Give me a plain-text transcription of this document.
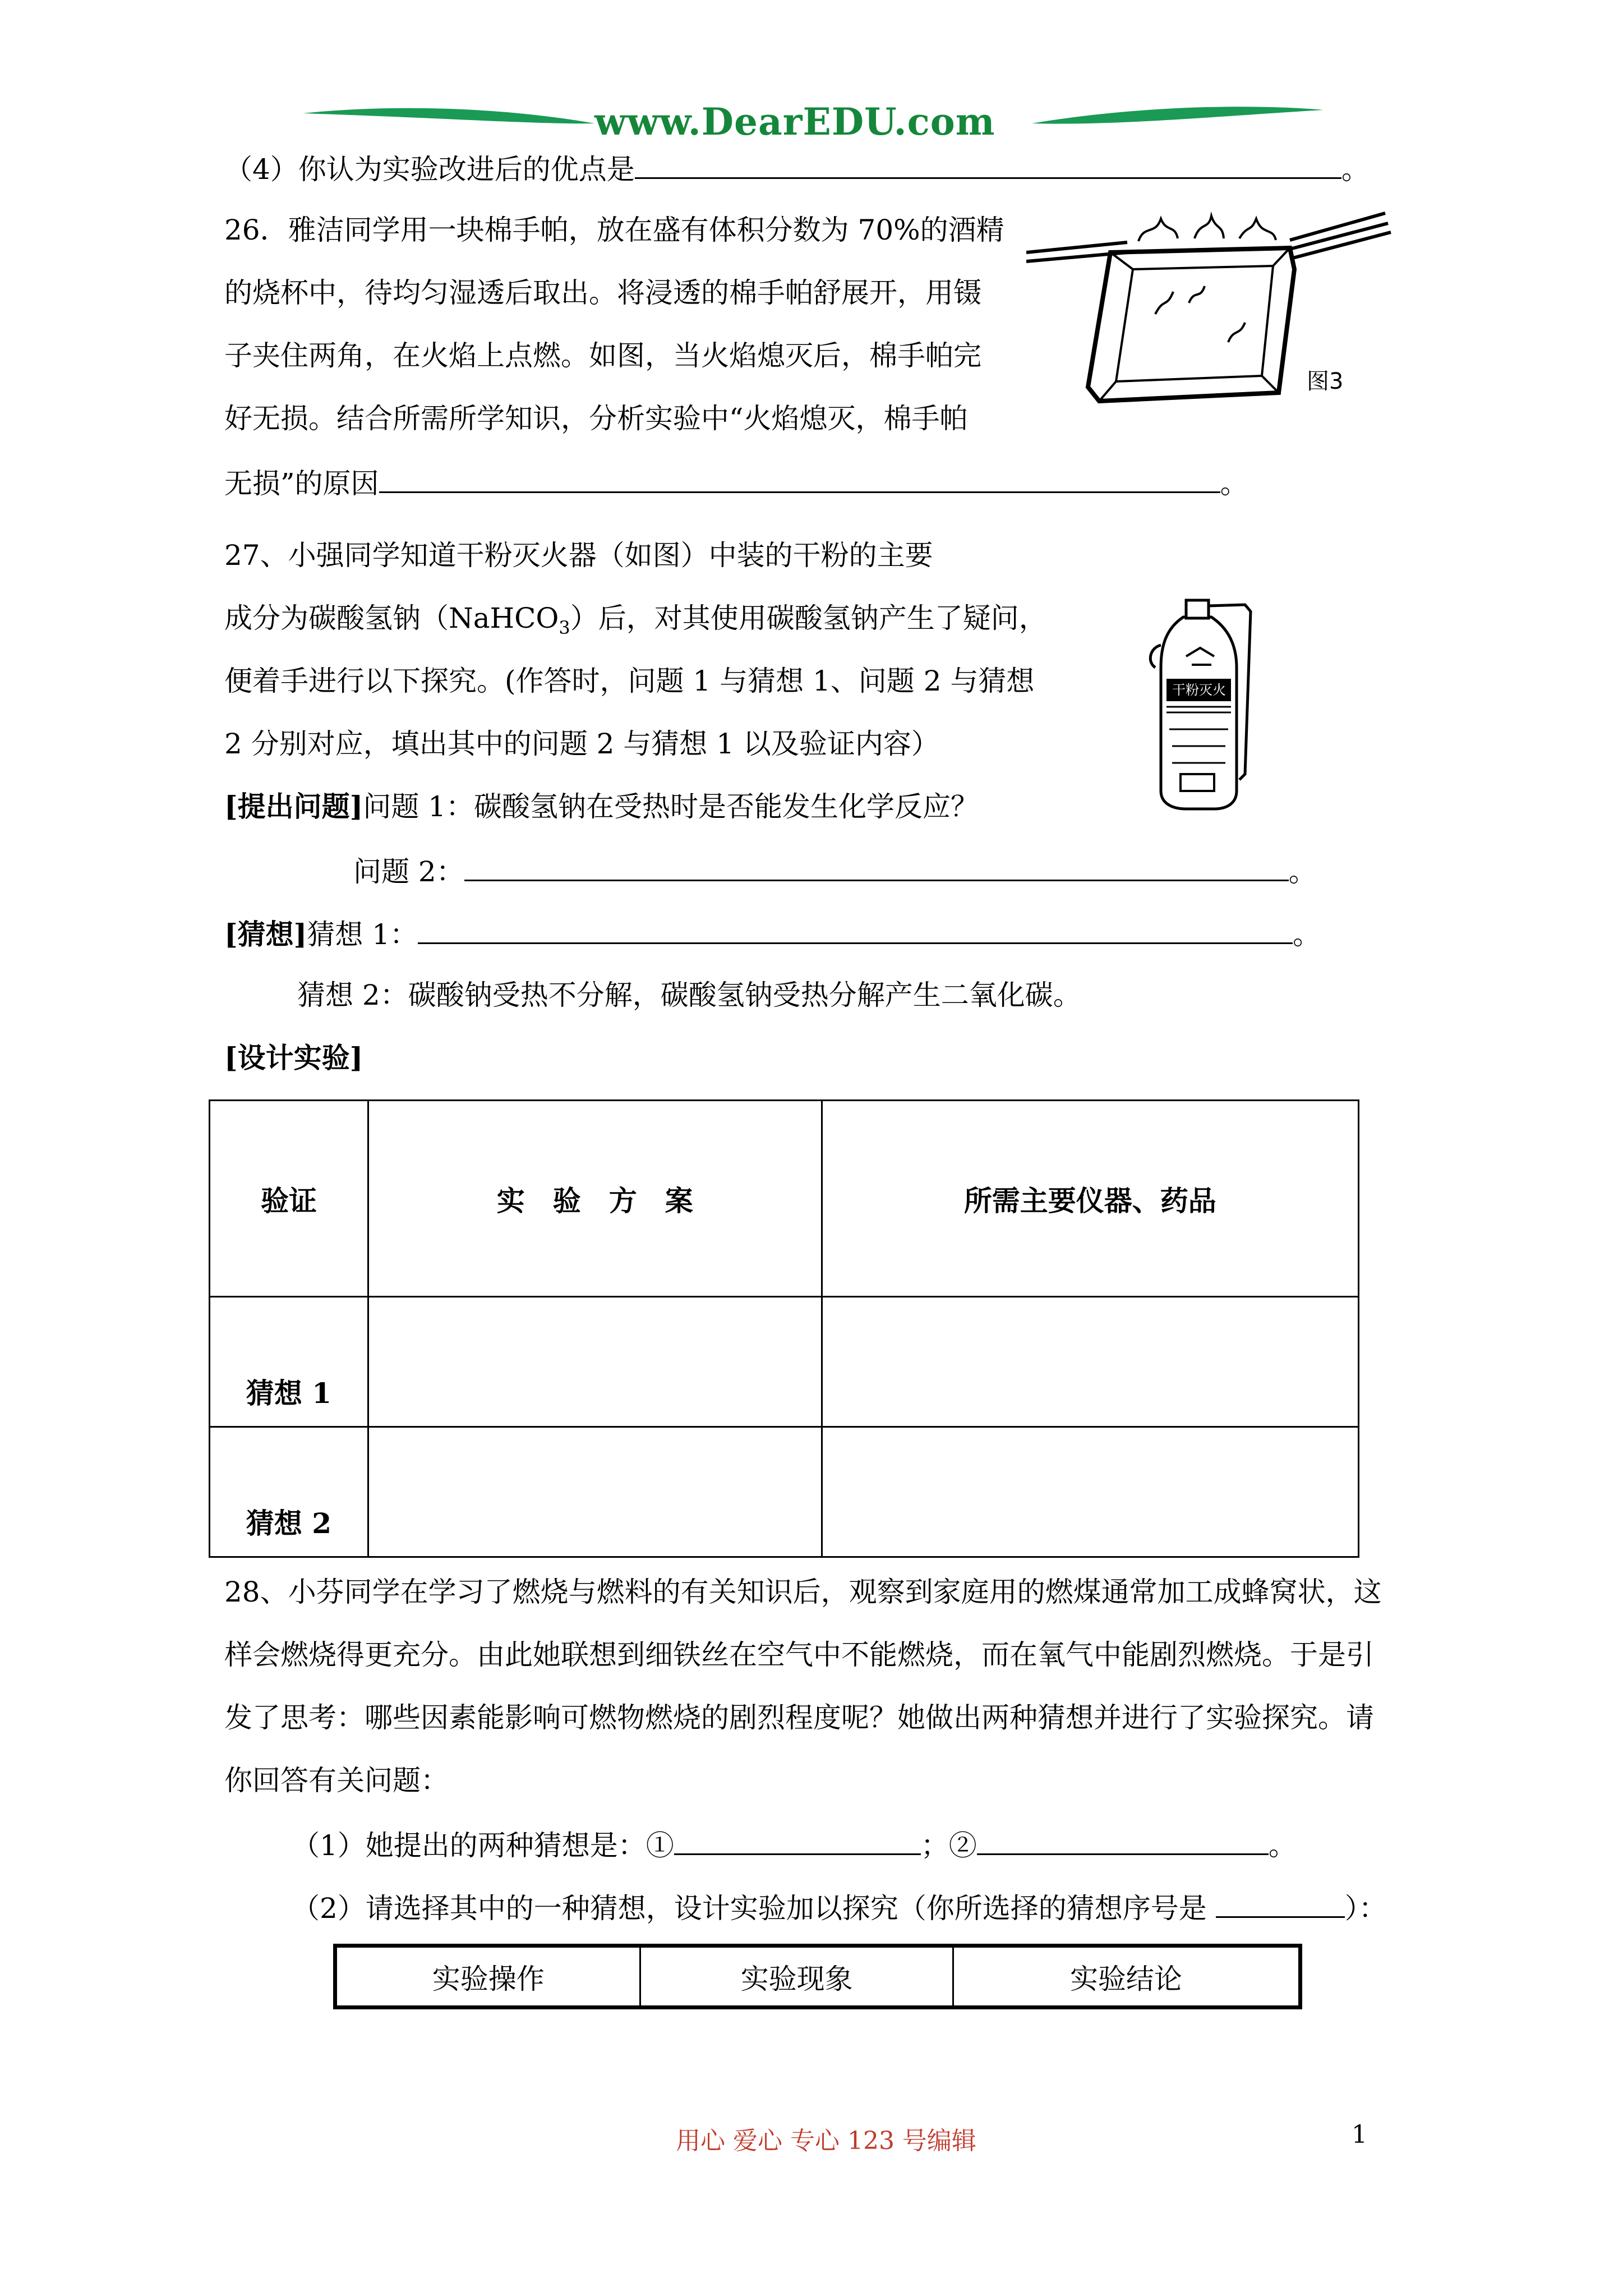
www.DearEDU.com
（4）你认为实验改进后的优点是	。
26．雅洁同学用一块棉手帕，放在盛有体积分数为 70%的酒精
的烧杯中，待均匀湿透后取出。将浸透的棉手帕舒展开，用镊
子夹住两角，在火焰上点燃。如图，当火焰熄灭后，棉手帕完
好无损。结合所需所学知识，分析实验中“火焰熄灭，棉手帕
无损”的原因	。
图3
27、小强同学知道干粉灭火器（如图）中装的干粉的主要
成分为碳酸氢钠（NaHCO$_3$）后，对其使用碳酸氢钠产生了疑问，
便着手进行以下探究。(作答时，问题 1 与猜想 1、问题 2 与猜想
2 分别对应，填出其中的问题 2 与猜想 1 以及验证内容）
干粉灭火
[提出问题]问题 1：碳酸氢钠在受热时是否能发生化学反应？
问题 2：	。
[猜想]猜想 1：	。
猜想 2：碳酸钠受热不分解，碳酸氢钠受热分解产生二氧化碳。
[设计实验]
验证	实　验　方　案	所需主要仪器、药品
猜想 1		
猜想 2		
28、小芬同学在学习了燃烧与燃料的有关知识后，观察到家庭用的燃煤通常加工成蜂窝状，这
样会燃烧得更充分。由此她联想到细铁丝在空气中不能燃烧，而在氧气中能剧烈燃烧。于是引
发了思考：哪些因素能影响可燃物燃烧的剧烈程度呢？她做出两种猜想并进行了实验探究。请
你回答有关问题：
（1）她提出的两种猜想是：①	；②	。
（2）请选择其中的一种猜想，设计实验加以探究（你所选择的猜想序号是	）：
实验操作	实验现象	实验结论
用心 爱心 专心 123 号编辑	1
